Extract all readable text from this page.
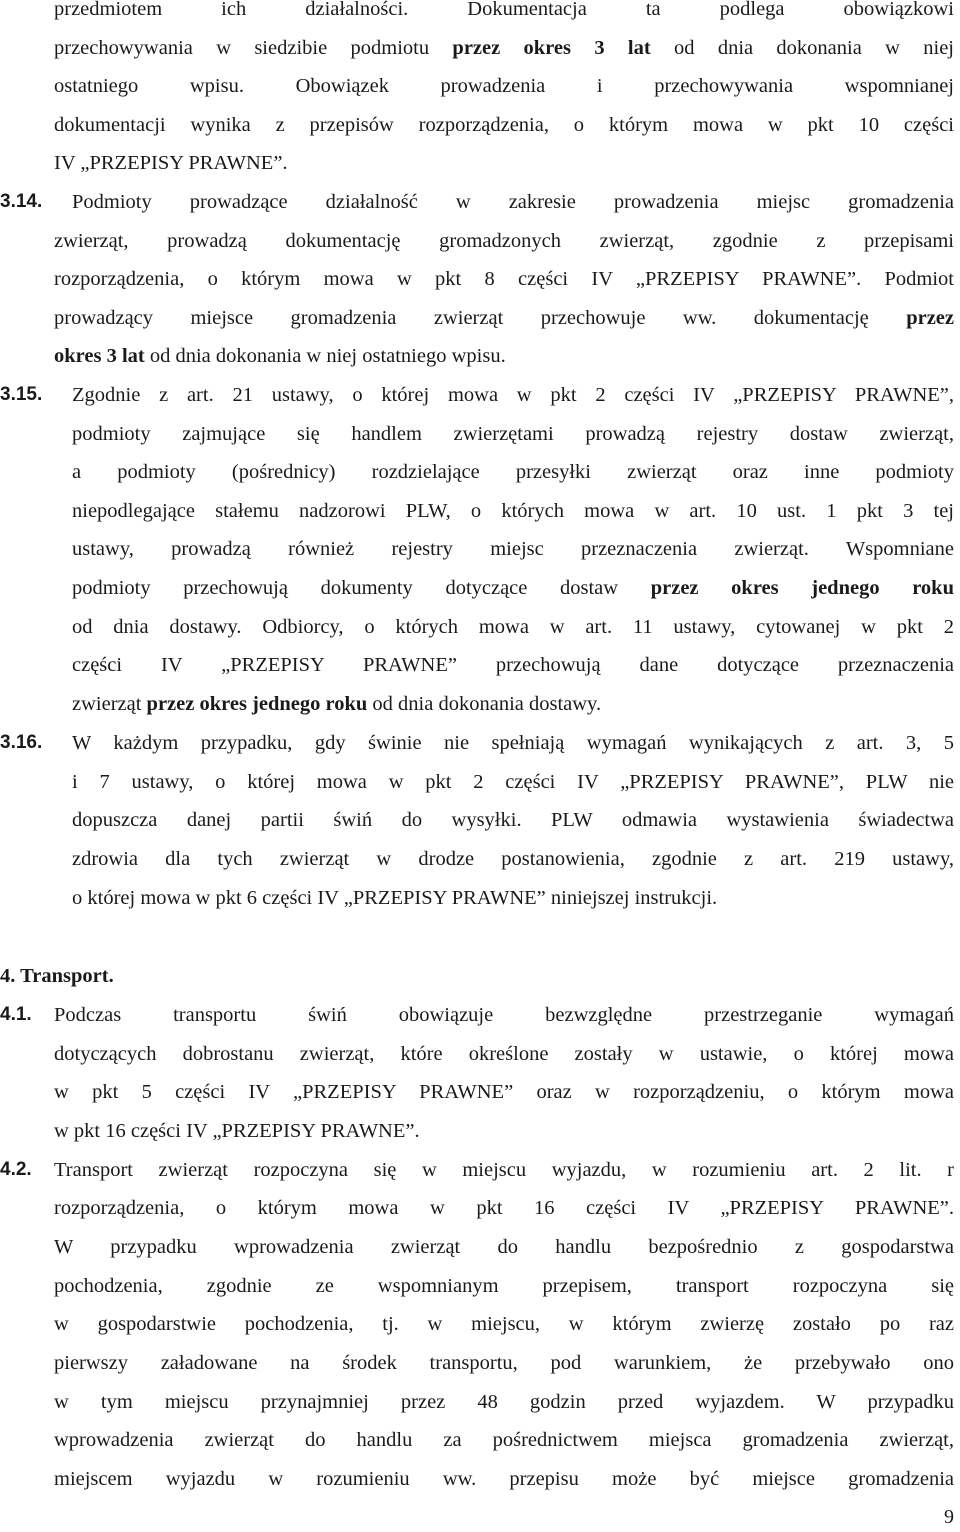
przedmiotem ich działalności. Dokumentacja ta podlega obowiązkowi
przechowywania w siedzibie podmiotu przez okres 3 lat od dnia dokonania w niej
ostatniego wpisu. Obowiązek prowadzenia i przechowywania wspomnianej
dokumentacji wynika z przepisów rozporządzenia, o którym mowa w pkt 10 części
IV „PRZEPISY PRAWNE”.
3.14. Podmioty prowadzące działalność w zakresie prowadzenia miejsc gromadzenia
zwierząt, prowadzą dokumentację gromadzonych zwierząt, zgodnie z przepisami
rozporządzenia, o którym mowa w pkt 8 części IV „PRZEPISY PRAWNE”. Podmiot
prowadzący miejsce gromadzenia zwierząt przechowuje ww. dokumentację przez
okres 3 lat od dnia dokonania w niej ostatniego wpisu.
3.15. Zgodnie z art. 21 ustawy, o której mowa w pkt 2 części IV „PRZEPISY PRAWNE”,
podmioty zajmujące się handlem zwierzętami prowadzą rejestry dostaw zwierząt,
a podmioty (pośrednicy) rozdzielające przesyłki zwierząt oraz inne podmioty
niepodlegające stałemu nadzorowi PLW, o których mowa w art. 10 ust. 1 pkt 3 tej
ustawy, prowadzą również rejestry miejsc przeznaczenia zwierząt. Wspomniane
podmioty przechowują dokumenty dotyczące dostaw przez okres jednego roku
od dnia dostawy. Odbiorcy, o których mowa w art. 11 ustawy, cytowanej w pkt 2
części IV „PRZEPISY PRAWNE” przechowują dane dotyczące przeznaczenia
zwierząt przez okres jednego roku od dnia dokonania dostawy.
3.16. W każdym przypadku, gdy świnie nie spełniają wymagań wynikających z art. 3, 5
i 7 ustawy, o której mowa w pkt 2 części IV „PRZEPISY PRAWNE”, PLW nie
dopuszcza danej partii świń do wysyłki. PLW odmawia wystawienia świadectwa
zdrowia dla tych zwierząt w drodze postanowienia, zgodnie z art. 219 ustawy,
o której mowa w pkt 6 części IV „PRZEPISY PRAWNE” niniejszej instrukcji.
4. Transport.
4.1. Podczas transportu świń obowiązuje bezwzględne przestrzeganie wymagań
dotyczących dobrostanu zwierząt, które określone zostały w ustawie, o której mowa
w pkt 5 części IV „PRZEPISY PRAWNE” oraz w rozporządzeniu, o którym mowa
w pkt 16 części IV „PRZEPISY PRAWNE”.
4.2. Transport zwierząt rozpoczyna się w miejscu wyjazdu, w rozumieniu art. 2 lit. r
rozporządzenia, o którym mowa w pkt 16 części IV „PRZEPISY PRAWNE”.
W przypadku wprowadzenia zwierząt do handlu bezpośrednio z gospodarstwa
pochodzenia, zgodnie ze wspomnianym przepisem, transport rozpoczyna się
w gospodarstwie pochodzenia, tj. w miejscu, w którym zwierzę zostało po raz
pierwszy załadowane na środek transportu, pod warunkiem, że przebywało ono
w tym miejscu przynajmniej przez 48 godzin przed wyjazdem. W przypadku
wprowadzenia zwierząt do handlu za pośrednictwem miejsca gromadzenia zwierząt,
miejscem wyjazdu w rozumieniu ww. przepisu może być miejsce gromadzenia
9
